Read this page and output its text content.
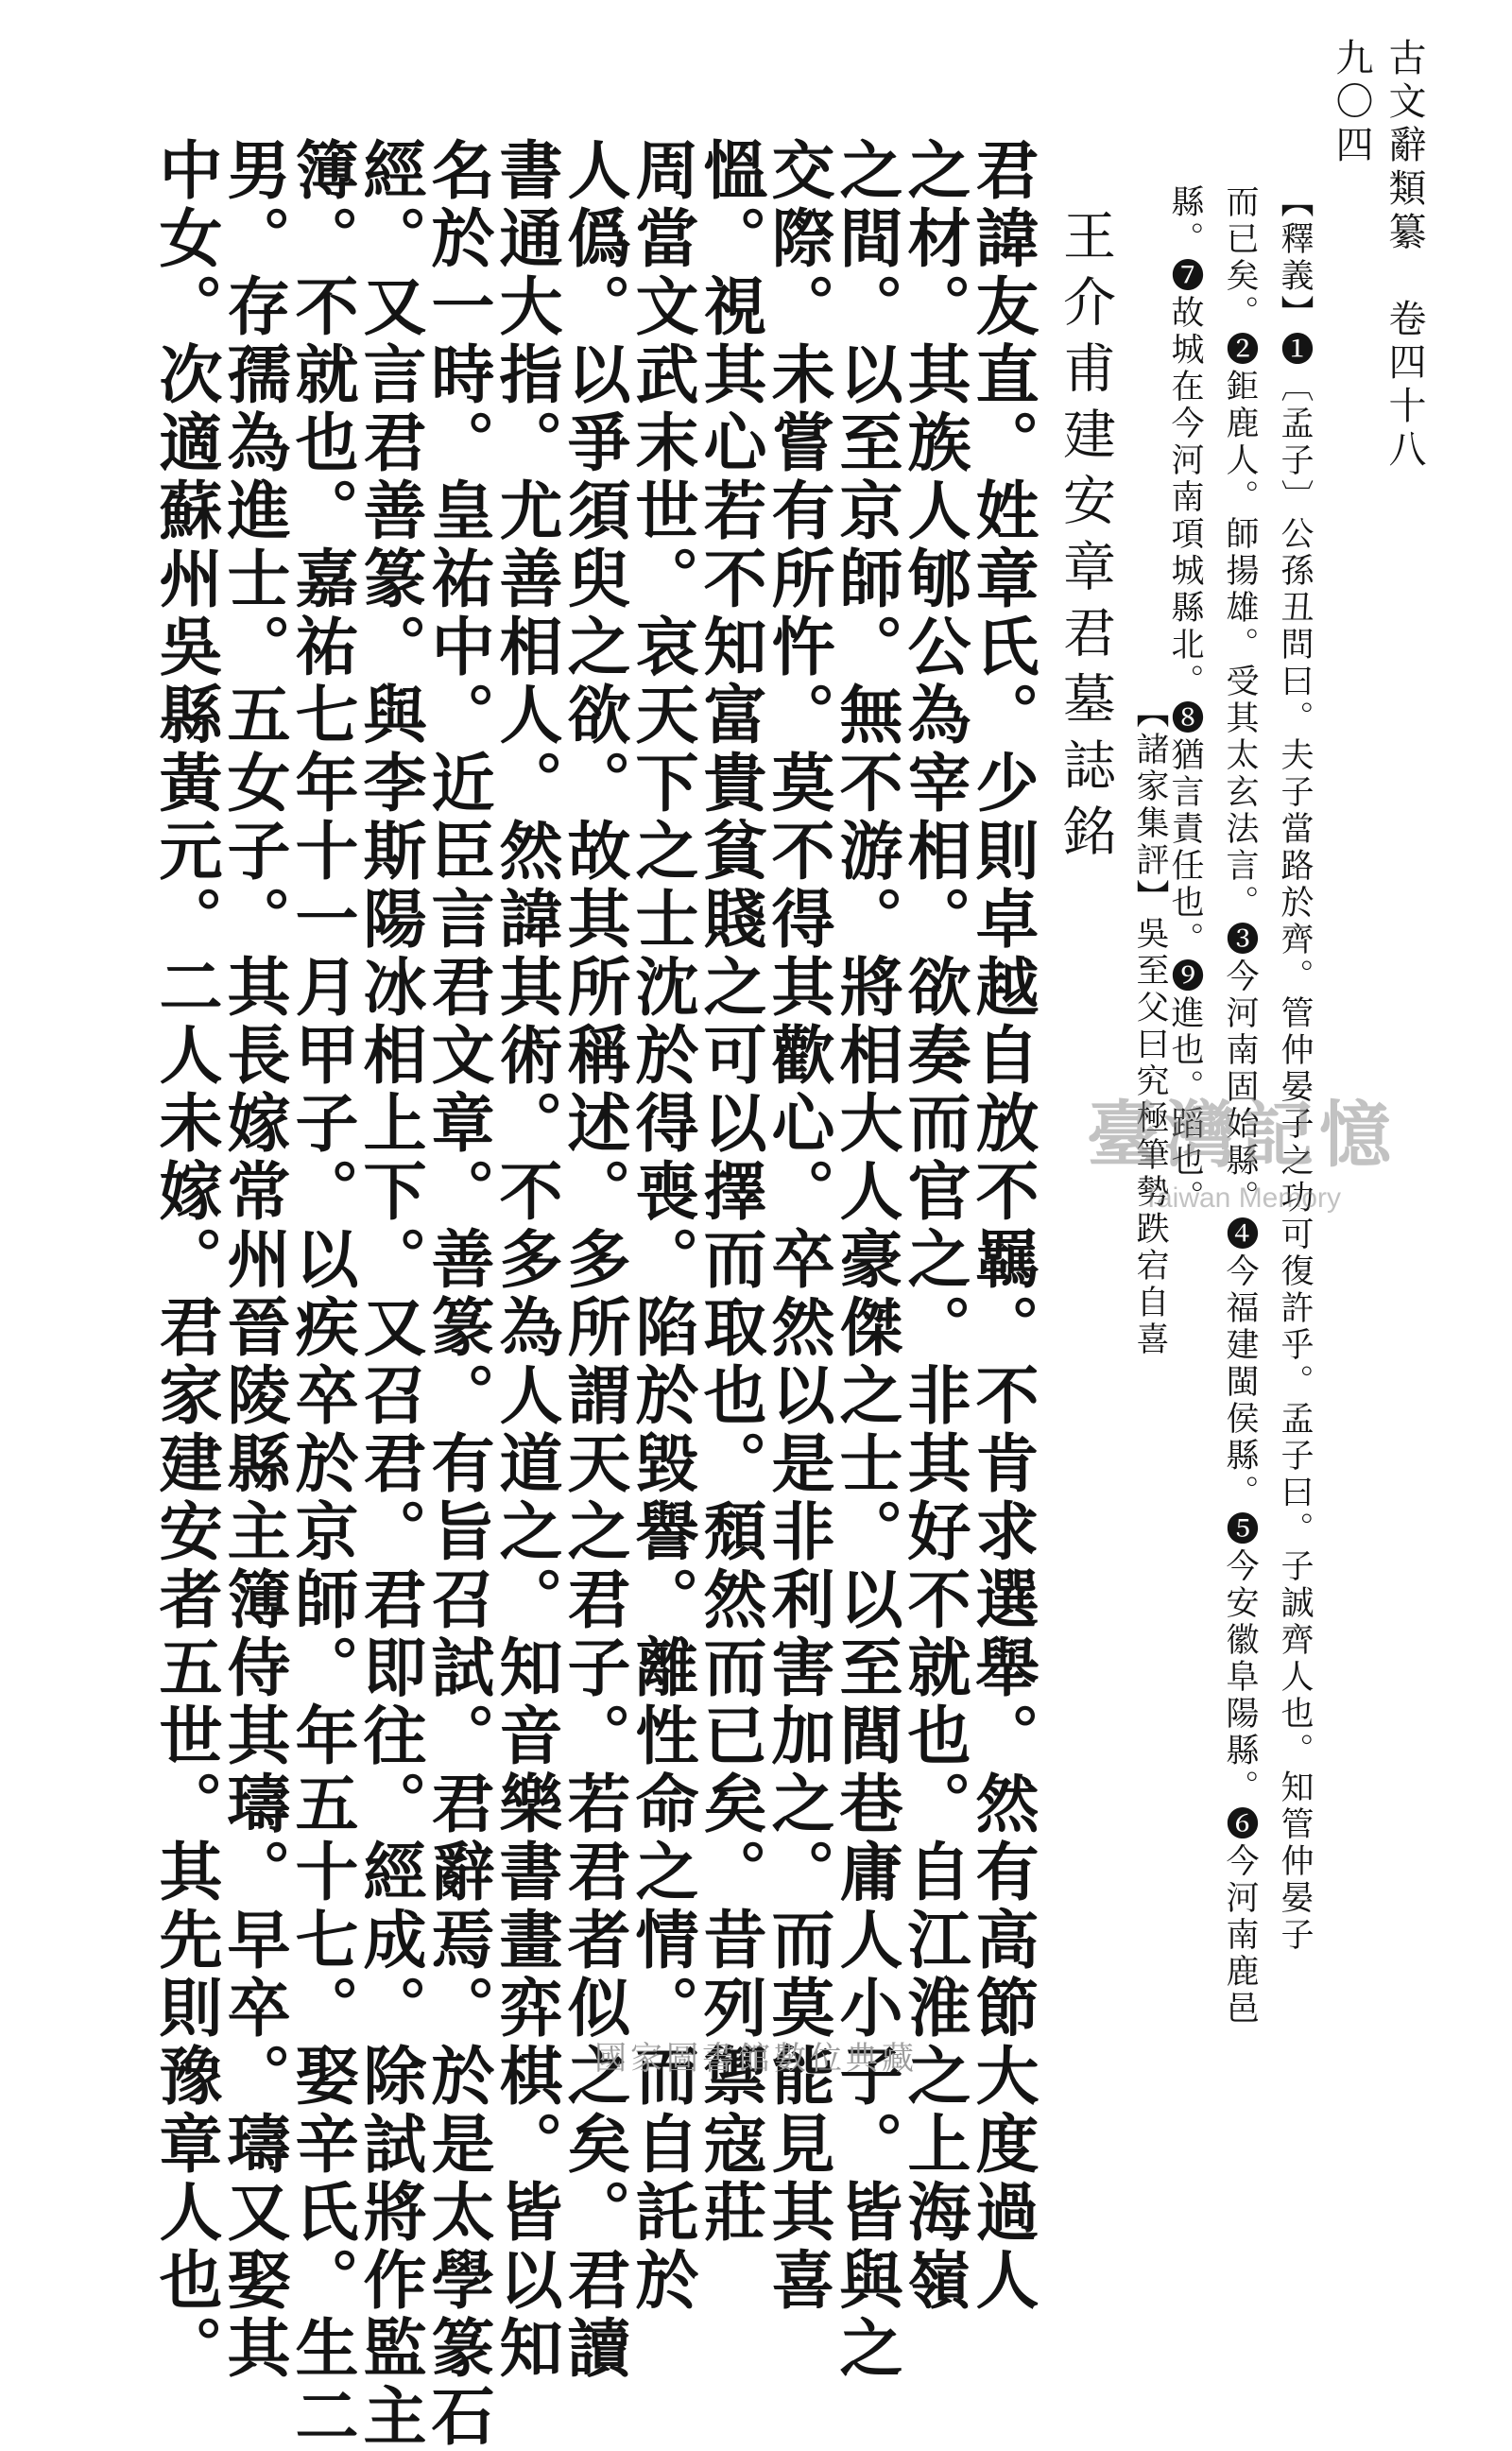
古文辭類纂　卷四十八
九〇四
【釋義】❶〔孟子〕公孫丑問曰。夫子當路於齊。管仲晏子之功可復許乎。孟子曰。子誠齊人也。知管仲晏子
而已矣。❷鉅鹿人。師揚雄。受其太玄法言。❸今河南固始縣。❹今福建閩侯縣。❺今安徽阜陽縣。❻今河南鹿邑
縣。❼故城在今河南項城縣北。❽猶言責任也。❾進也。蹈也。
【諸家集評】吳至父曰究極筆勢跌宕自喜
王介甫建安章君墓誌銘
君諱友直。姓章氏。少則卓越自放不羈。不肯求選舉。然有高節大度過人
之材。其族人郇公為宰相。欲奏而官之。非其好不就也。自江淮之上海嶺
之間。以至京師。無不游。將相大人豪傑之士。以至閭巷庸人小子。皆與之
交際。未嘗有所忤。莫不得其歡心。卒然以是非利害加之。而莫能見其喜
慍。視其心若不知富貴貧賤之可以擇而取也。頹然而已矣。昔列禦寇莊
周當文武末世。哀天下之士沈於得喪。陷於毀譽。離性命之情。而自託於
人僞。以爭須臾之欲。故其所稱述。多所謂天之君子。若君者似之矣。君讀
書通大指。尤善相人。然諱其術。不多為人道之。知音樂書畫弈棋。皆以知
名於一時。皇祐中。近臣言君文章。善篆。有旨召試。君辭焉。於是太學篆石
經。又言君善篆。與李斯陽冰相上下。又召君。君即往。經成。除試將作監主
簿。不就也。嘉祐七年十一月甲子。以疾卒於京師。年五十七。娶辛氏。生二
男。存孺為進士。五女子。其長嫁常州晉陵縣主簿侍其璹。早卒。璹又娶其
中女。次適蘇州吳縣黃元。二人未嫁。君家建安者五世。其先則豫章人也。	臺灣記憶
Taiwan Memory
國家圖書館數位典藏
